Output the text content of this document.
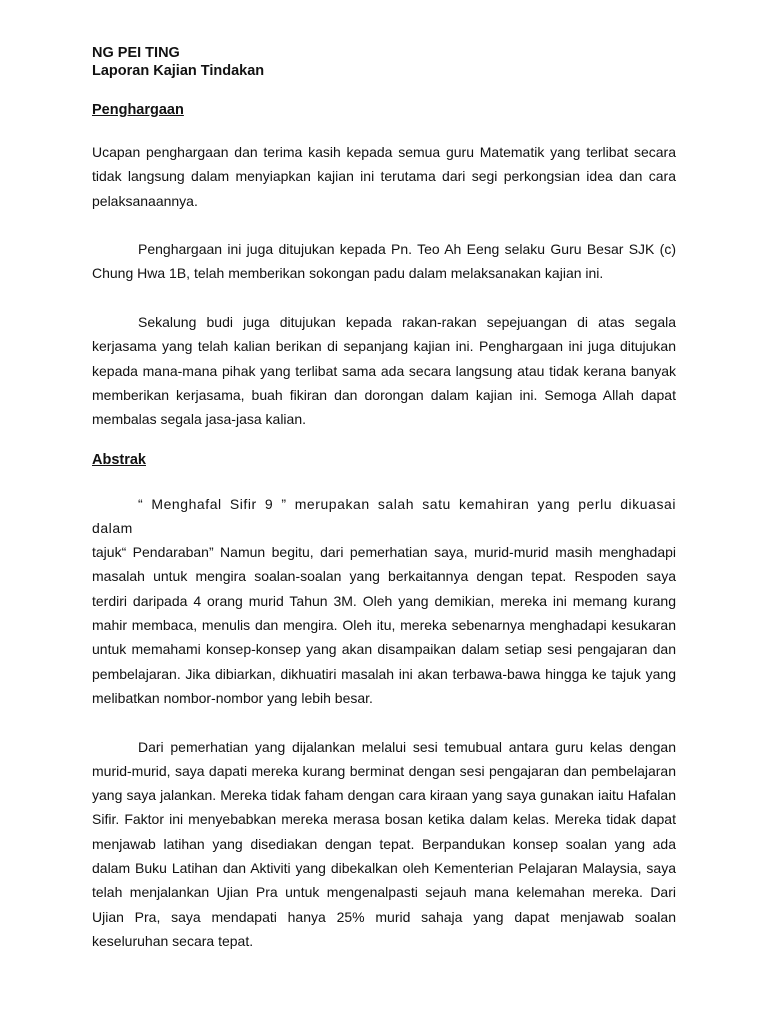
NG PEI TING

Laporan Kajian Tindakan

Penghargaan

Ucapan penghargaan dan terima kasih kepada semua guru Matematik yang terlibat secara tidak langsung dalam menyiapkan kajian ini terutama dari segi perkongsian idea dan cara pelaksanaannya.

Penghargaan ini juga ditujukan kepada Pn. Teo Ah Eeng selaku Guru Besar SJK (c) Chung Hwa 1B, telah memberikan sokongan padu dalam melaksanakan kajian ini.

Sekalung budi juga ditujukan kepada rakan-rakan sepejuangan di atas segala kerjasama yang telah kalian berikan di sepanjang kajian ini. Penghargaan ini juga ditujukan kepada mana-mana pihak yang terlibat sama ada secara langsung atau tidak kerana banyak memberikan kerjasama, buah fikiran dan dorongan dalam kajian ini. Semoga Allah dapat membalas segala jasa-jasa kalian.

Abstrak

“ Menghafal Sifir 9 ” merupakan salah satu kemahiran yang perlu dikuasai dalam

tajuk“ Pendaraban” Namun begitu, dari pemerhatian saya, murid-murid masih menghadapi masalah untuk mengira soalan-soalan yang berkaitannya dengan tepat. Respoden saya terdiri daripada 4 orang murid Tahun 3M. Oleh yang demikian, mereka ini memang kurang mahir membaca, menulis dan mengira. Oleh itu, mereka sebenarnya menghadapi kesukaran untuk memahami konsep-konsep yang akan disampaikan dalam setiap sesi pengajaran dan pembelajaran. Jika dibiarkan, dikhuatiri masalah ini akan terbawa-bawa hingga ke tajuk yang melibatkan nombor-nombor yang lebih besar.

Dari pemerhatian yang dijalankan melalui sesi temubual antara guru kelas dengan murid-murid, saya dapati mereka kurang berminat dengan sesi pengajaran dan pembelajaran yang saya jalankan. Mereka tidak faham dengan cara kiraan yang saya gunakan iaitu Hafalan Sifir. Faktor ini menyebabkan mereka merasa bosan ketika dalam kelas. Mereka tidak dapat menjawab latihan yang disediakan dengan tepat. Berpandukan konsep soalan yang ada dalam Buku Latihan dan Aktiviti yang dibekalkan oleh Kementerian Pelajaran Malaysia, saya telah menjalankan Ujian Pra untuk mengenalpasti sejauh mana kelemahan mereka. Dari Ujian Pra, saya mendapati hanya 25% murid sahaja yang dapat menjawab soalan keseluruhan secara tepat.
